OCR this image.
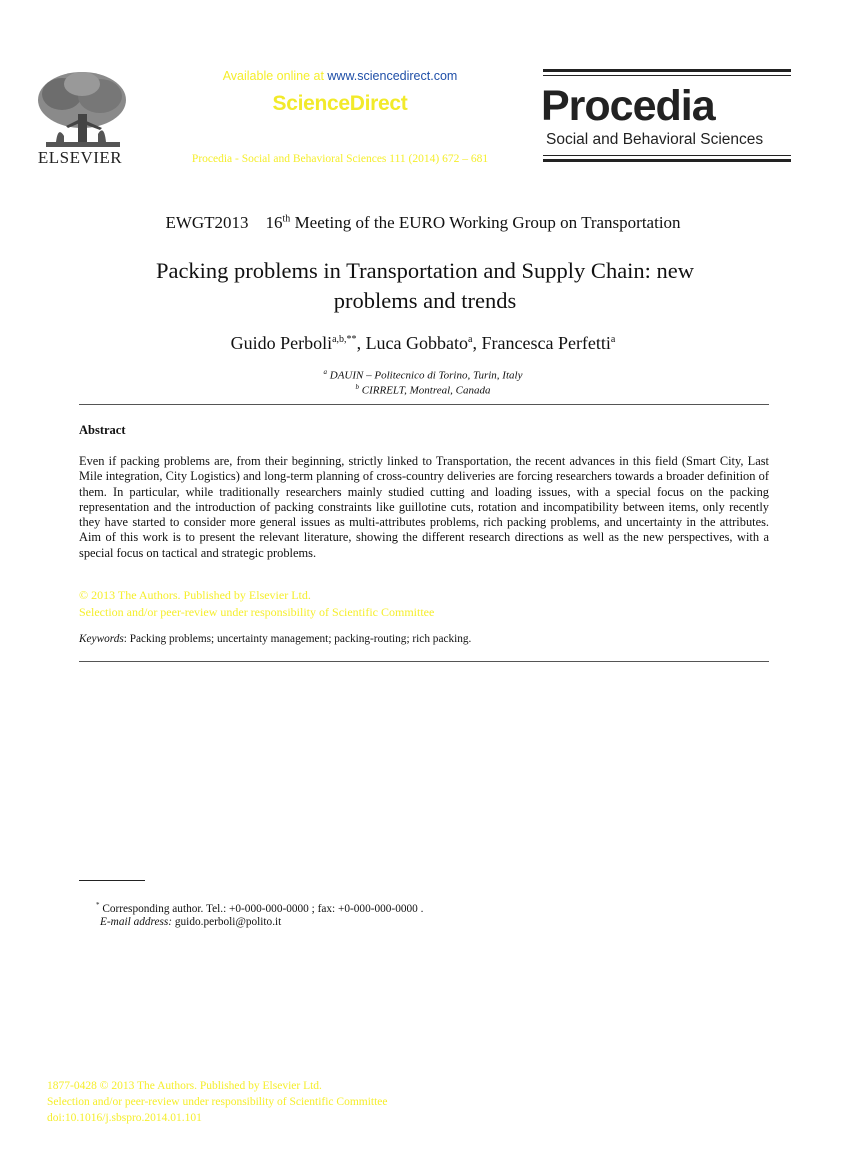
ELSEVIER
Available online at www.sciencedirect.com
ScienceDirect
Procedia - Social and Behavioral Sciences 111 (2014) 672 – 681
Procedia
Social and Behavioral Sciences
EWGT2013    16th Meeting of the EURO Working Group on Transportation
Packing problems in Transportation and Supply Chain: new
problems and trends
Guido Perboli$^{a,b,**}$, Luca Gobbato$^a$, Francesca Perfetti$^a$
$^a$ DAUIN – Politecnico di Torino, Turin, Italy
$^b$ CIRRELT, Montreal, Canada
Abstract
Even if packing problems are, from their beginning, strictly linked to Transportation, the recent advances in this field (Smart City, Last Mile integration, City Logistics) and long-term planning of cross-country deliveries are forcing researchers towards a broader definition of them. In particular, while traditionally researchers mainly studied cutting and loading issues, with a special focus on the packing representation and the introduction of packing constraints like guillotine cuts, rotation and incompatibility between items, only recently they have started to consider more general issues as multi-attributes problems, rich packing problems, and uncertainty in the attributes. Aim of this work is to present the relevant literature, showing the different research directions as well as the new perspectives, with a special focus on tactical and strategic problems.
© 2013 The Authors. Published by Elsevier Ltd.
Selection and/or peer-review under responsibility of Scientific Committee
Keywords: Packing problems; uncertainty management; packing-routing; rich packing.
* Corresponding author. Tel.: +0-000-000-0000 ; fax: +0-000-000-0000 .
E-mail address: guido.perboli@polito.it
1877-0428 © 2013 The Authors. Published by Elsevier Ltd.
Selection and/or peer-review under responsibility of Scientific Committee
doi:10.1016/j.sbspro.2014.01.101
